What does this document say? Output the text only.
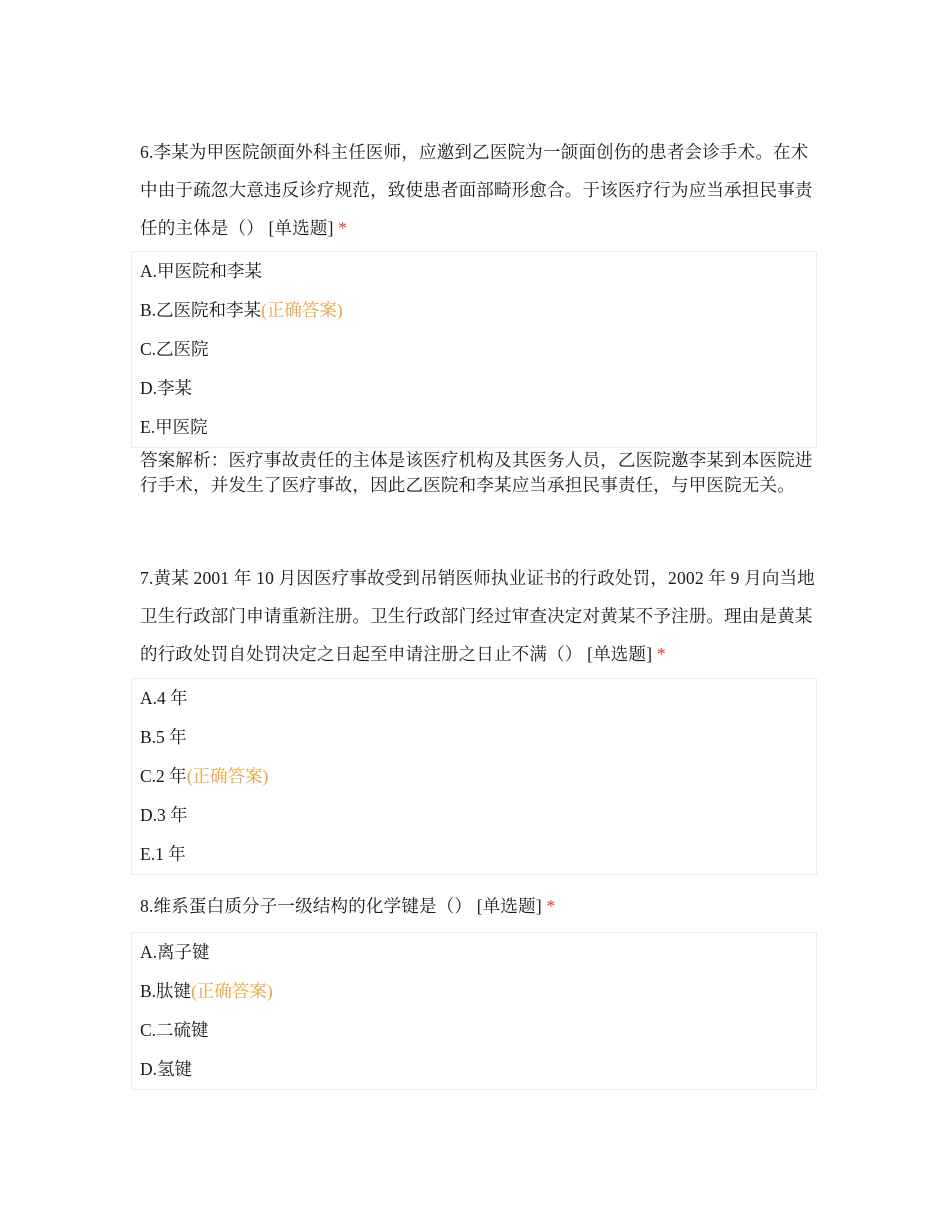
6.李某为甲医院颌面外科主任医师，应邀到乙医院为一颌面创伤的患者会诊手术。在术中由于疏忽大意违反诊疗规范，致使患者面部畸形愈合。于该医疗行为应当承担民事责任的主体是（） [单选题] *

A.甲医院和李某
B.乙医院和李某(正确答案)
C.乙医院
D.李某
E.甲医院
答案解析：医疗事故责任的主体是该医疗机构及其医务人员，乙医院邀李某到本医院进行手术，并发生了医疗事故，因此乙医院和李某应当承担民事责任，与甲医院无关。

7.黄某 2001 年 10 月因医疗事故受到吊销医师执业证书的行政处罚，2002 年 9 月向当地卫生行政部门申请重新注册。卫生行政部门经过审查决定对黄某不予注册。理由是黄某的行政处罚自处罚决定之日起至申请注册之日止不满（） [单选题] *

A.4 年
B.5 年
C.2 年(正确答案)
D.3 年
E.1 年

8.维系蛋白质分子一级结构的化学键是（） [单选题] *

A.离子键
B.肽键(正确答案)
C.二硫键
D.氢键
